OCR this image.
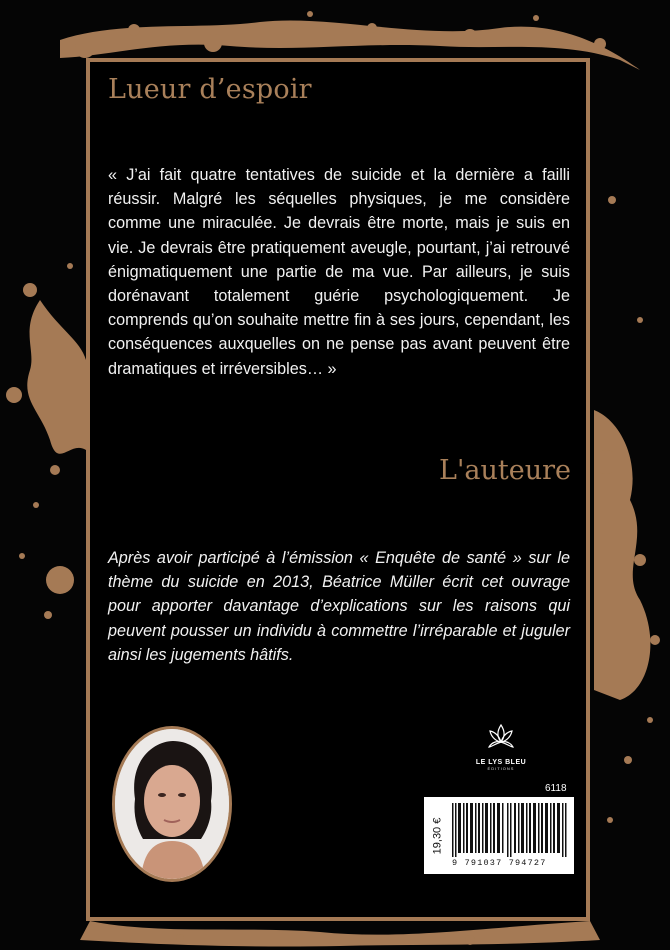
Lueur d’espoir

« J’ai fait quatre tentatives de suicide et la dernière a failli réussir. Malgré les séquelles physiques, je me considère comme une miraculée. Je devrais être morte, mais je suis en vie. Je devrais être pratiquement aveugle, pourtant, j’ai retrouvé énigmatiquement une partie de ma vue. Par ailleurs, je suis dorénavant totalement guérie psychologiquement. Je comprends qu’on souhaite mettre fin à ses jours, cependant, les conséquences auxquelles on ne pense pas avant peuvent être dramatiques et irréversibles… »

L'auteure

Après avoir participé à l’émission « Enquête de santé » sur le thème du suicide en 2013, Béatrice Müller écrit cet ouvrage pour apporter davantage d’explications sur les raisons qui peuvent pousser un individu à commettre l’irréparable et juguler ainsi les jugements hâtifs.

LE LYS BLEU
ÉDITIONS
6118
19,30 €
9 791037 794727
